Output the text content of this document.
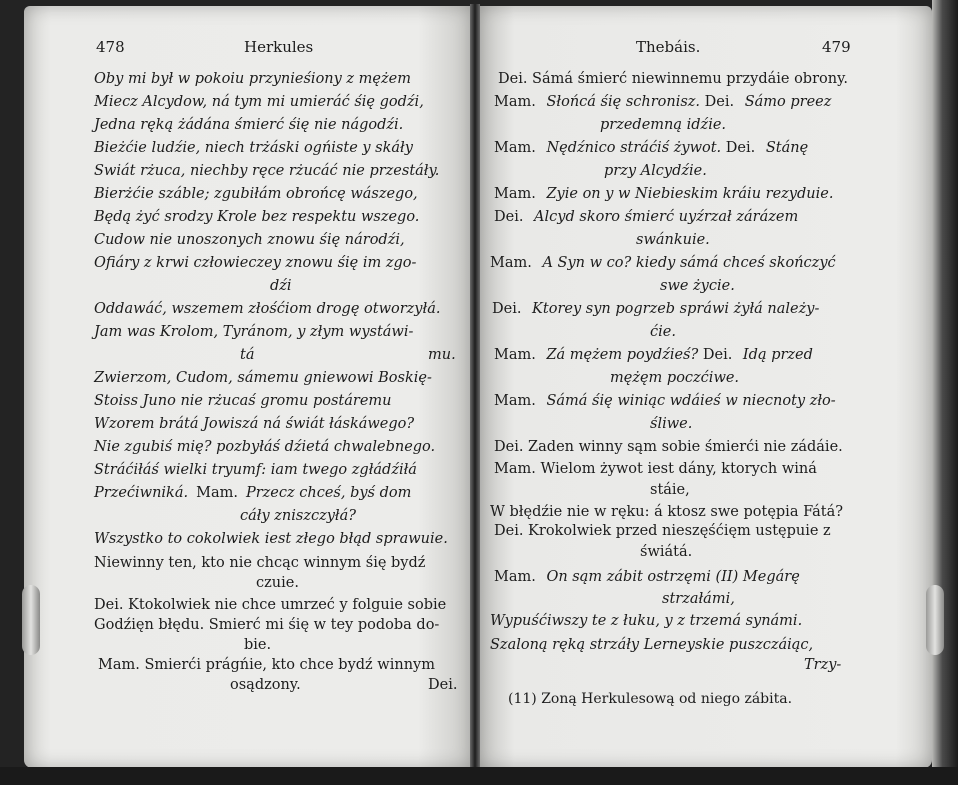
478	Herkules
Oby mi był w pokoiu przynieśiony z mężem
Miecz Alcydow, ná tym mi umieráć śię godźi,
Jedna ręką żádána śmierć śię nie nágodźi.
Bieżćie ludźie, niech trżáski ogńiste y skáły
Swiát rżuca, niechby ręce rżucáć nie przestáły.
Bierżćie száble; zgubiłám obrońcę wászego,
Będą żyć srodzy Krole bez respektu wszego.
Cudow nie unoszonych znowu śię národźi,
Ofiáry z krwi człowieczey znowu śię im zgo-
dźi
Oddawáć, wszemem złośćiom drogę otworzyłá.
Jam was Krolom, Tyránom, y złym wystáwi-
tá	mu.
Zwierzom, Cudom, sámemu gniewowi Boskię-
Stoiss Juno nie rżucaś gromu postáremu
Wzorem brátá Jowiszá ná świát łáskáwego?
Nie zgubiś mię? pozbyłáś dźietá chwalebnego.
Stráćiłáś wielki tryumf: iam twego zgłádźiłá
Przećiwniká. Mam. Przecz chceś, byś dom
cáły zniszczyłá?
Wszystko to cokolwiek iest złego błąd sprawuie.
Niewinny ten, kto nie chcąc winnym śię bydź
czuie.
Dei. Ktokolwiek nie chce umrzeć y folguie sobie
Godźięn błędu. Smierć mi śię w tey podoba do-
bie.
Mam. Smierći prágńie, kto chce bydź winnym
osądzony.	Dei.
Thebáis.	479
Dei. Sámá śmierć niewinnemu przydáie obrony.
Mam. Słońcá śię schronisz. Dei. Sámo preez
przedemną idźie.
Mam. Nędźnico stráćiś żywot. Dei. Stánę
przy Alcydźie.
Mam. Zyie on y w Niebieskim kráiu rezyduie.
Dei. Alcyd skoro śmierć uyźrzał zárázem
swánkuie.
Mam. A Syn w co? kiedy sámá chceś skończyć
swe życie.
Dei. Ktorey syn pogrzeb spráwi żyłá należy-
ćie.
Mam. Zá mężem poydźieś? Dei. Idą przed
mężęm poczćiwe.
Mam. Sámá śię winiąc wdáieś w niecnoty zło-
śliwe.
Dei. Zaden winny sąm sobie śmierći nie zádáie.
Mam. Wielom żywot iest dány, ktorych winá
stáie,
W błędźie nie w ręku: á ktosz swe potępia Fátá?
Dei. Krokolwiek przed nieszęśćięm ustępuie z
świátá.
Mam. On sąm zábit ostrzęmi (II) Megárę
strzałámi,
Wypuśćiwszy te z łuku, y z trzemá synámi.
Szaloną ręką strzáły Lerneyskie puszczáiąc,
Trzy-
(11) Zoną Herkulesową od niego zábita.
